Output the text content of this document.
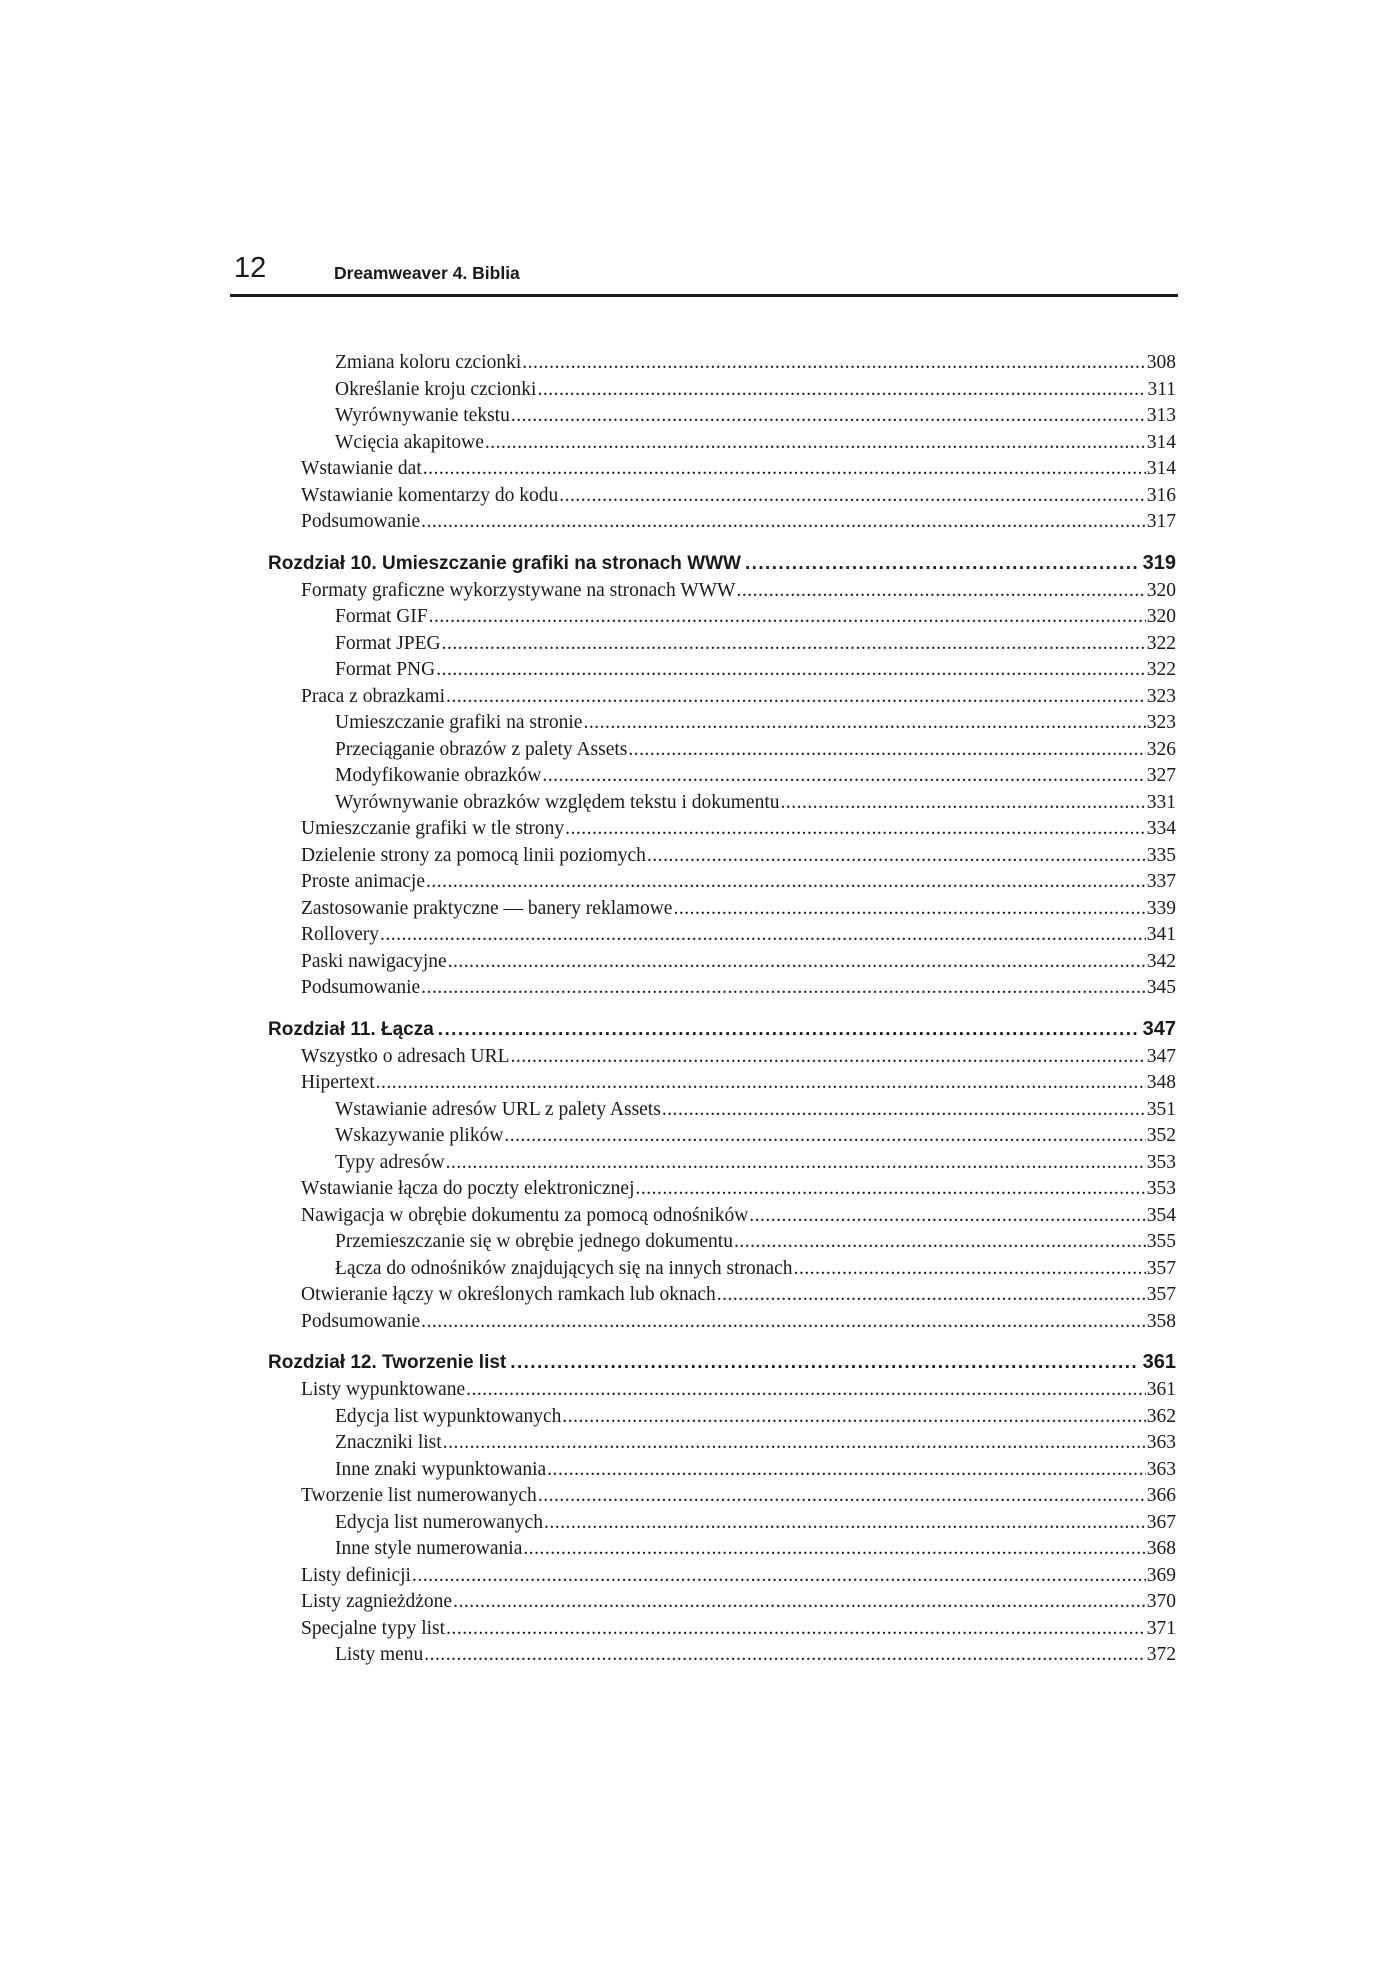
12	Dreamweaver 4. Biblia
Zmiana koloru czcionki .....	308
Określanie kroju czcionki .....	311
Wyrównywanie tekstu .....	313
Wcięcia akapitowe .....	314
Wstawianie dat .....	314
Wstawianie komentarzy do kodu .....	316
Podsumowanie .....	317
Rozdział 10. Umieszczanie grafiki na stronach WWW .....	319
Formaty graficzne wykorzystywane na stronach WWW .....	320
Format GIF .....	320
Format JPEG .....	322
Format PNG .....	322
Praca z obrazkami .....	323
Umieszczanie grafiki na stronie .....	323
Przeciąganie obrazów z palety Assets .....	326
Modyfikowanie obrazków .....	327
Wyrównywanie obrazków względem tekstu i dokumentu .....	331
Umieszczanie grafiki w tle strony .....	334
Dzielenie strony za pomocą linii poziomych .....	335
Proste animacje .....	337
Zastosowanie praktyczne — banery reklamowe .....	339
Rollovery .....	341
Paski nawigacyjne .....	342
Podsumowanie .....	345
Rozdział 11. Łącza .....	347
Wszystko o adresach URL .....	347
Hipertext .....	348
Wstawianie adresów URL z palety Assets .....	351
Wskazywanie plików .....	352
Typy adresów .....	353
Wstawianie łącza do poczty elektronicznej .....	353
Nawigacja w obrębie dokumentu za pomocą odnośników .....	354
Przemieszczanie się w obrębie jednego dokumentu .....	355
Łącza do odnośników znajdujących się na innych stronach .....	357
Otwieranie łączy w określonych ramkach lub oknach .....	357
Podsumowanie .....	358
Rozdział 12. Tworzenie list .....	361
Listy wypunktowane .....	361
Edycja list wypunktowanych .....	362
Znaczniki list .....	363
Inne znaki wypunktowania .....	363
Tworzenie list numerowanych .....	366
Edycja list numerowanych .....	367
Inne style numerowania .....	368
Listy definicji .....	369
Listy zagnieżdżone .....	370
Specjalne typy list .....	371
Listy menu .....	372
